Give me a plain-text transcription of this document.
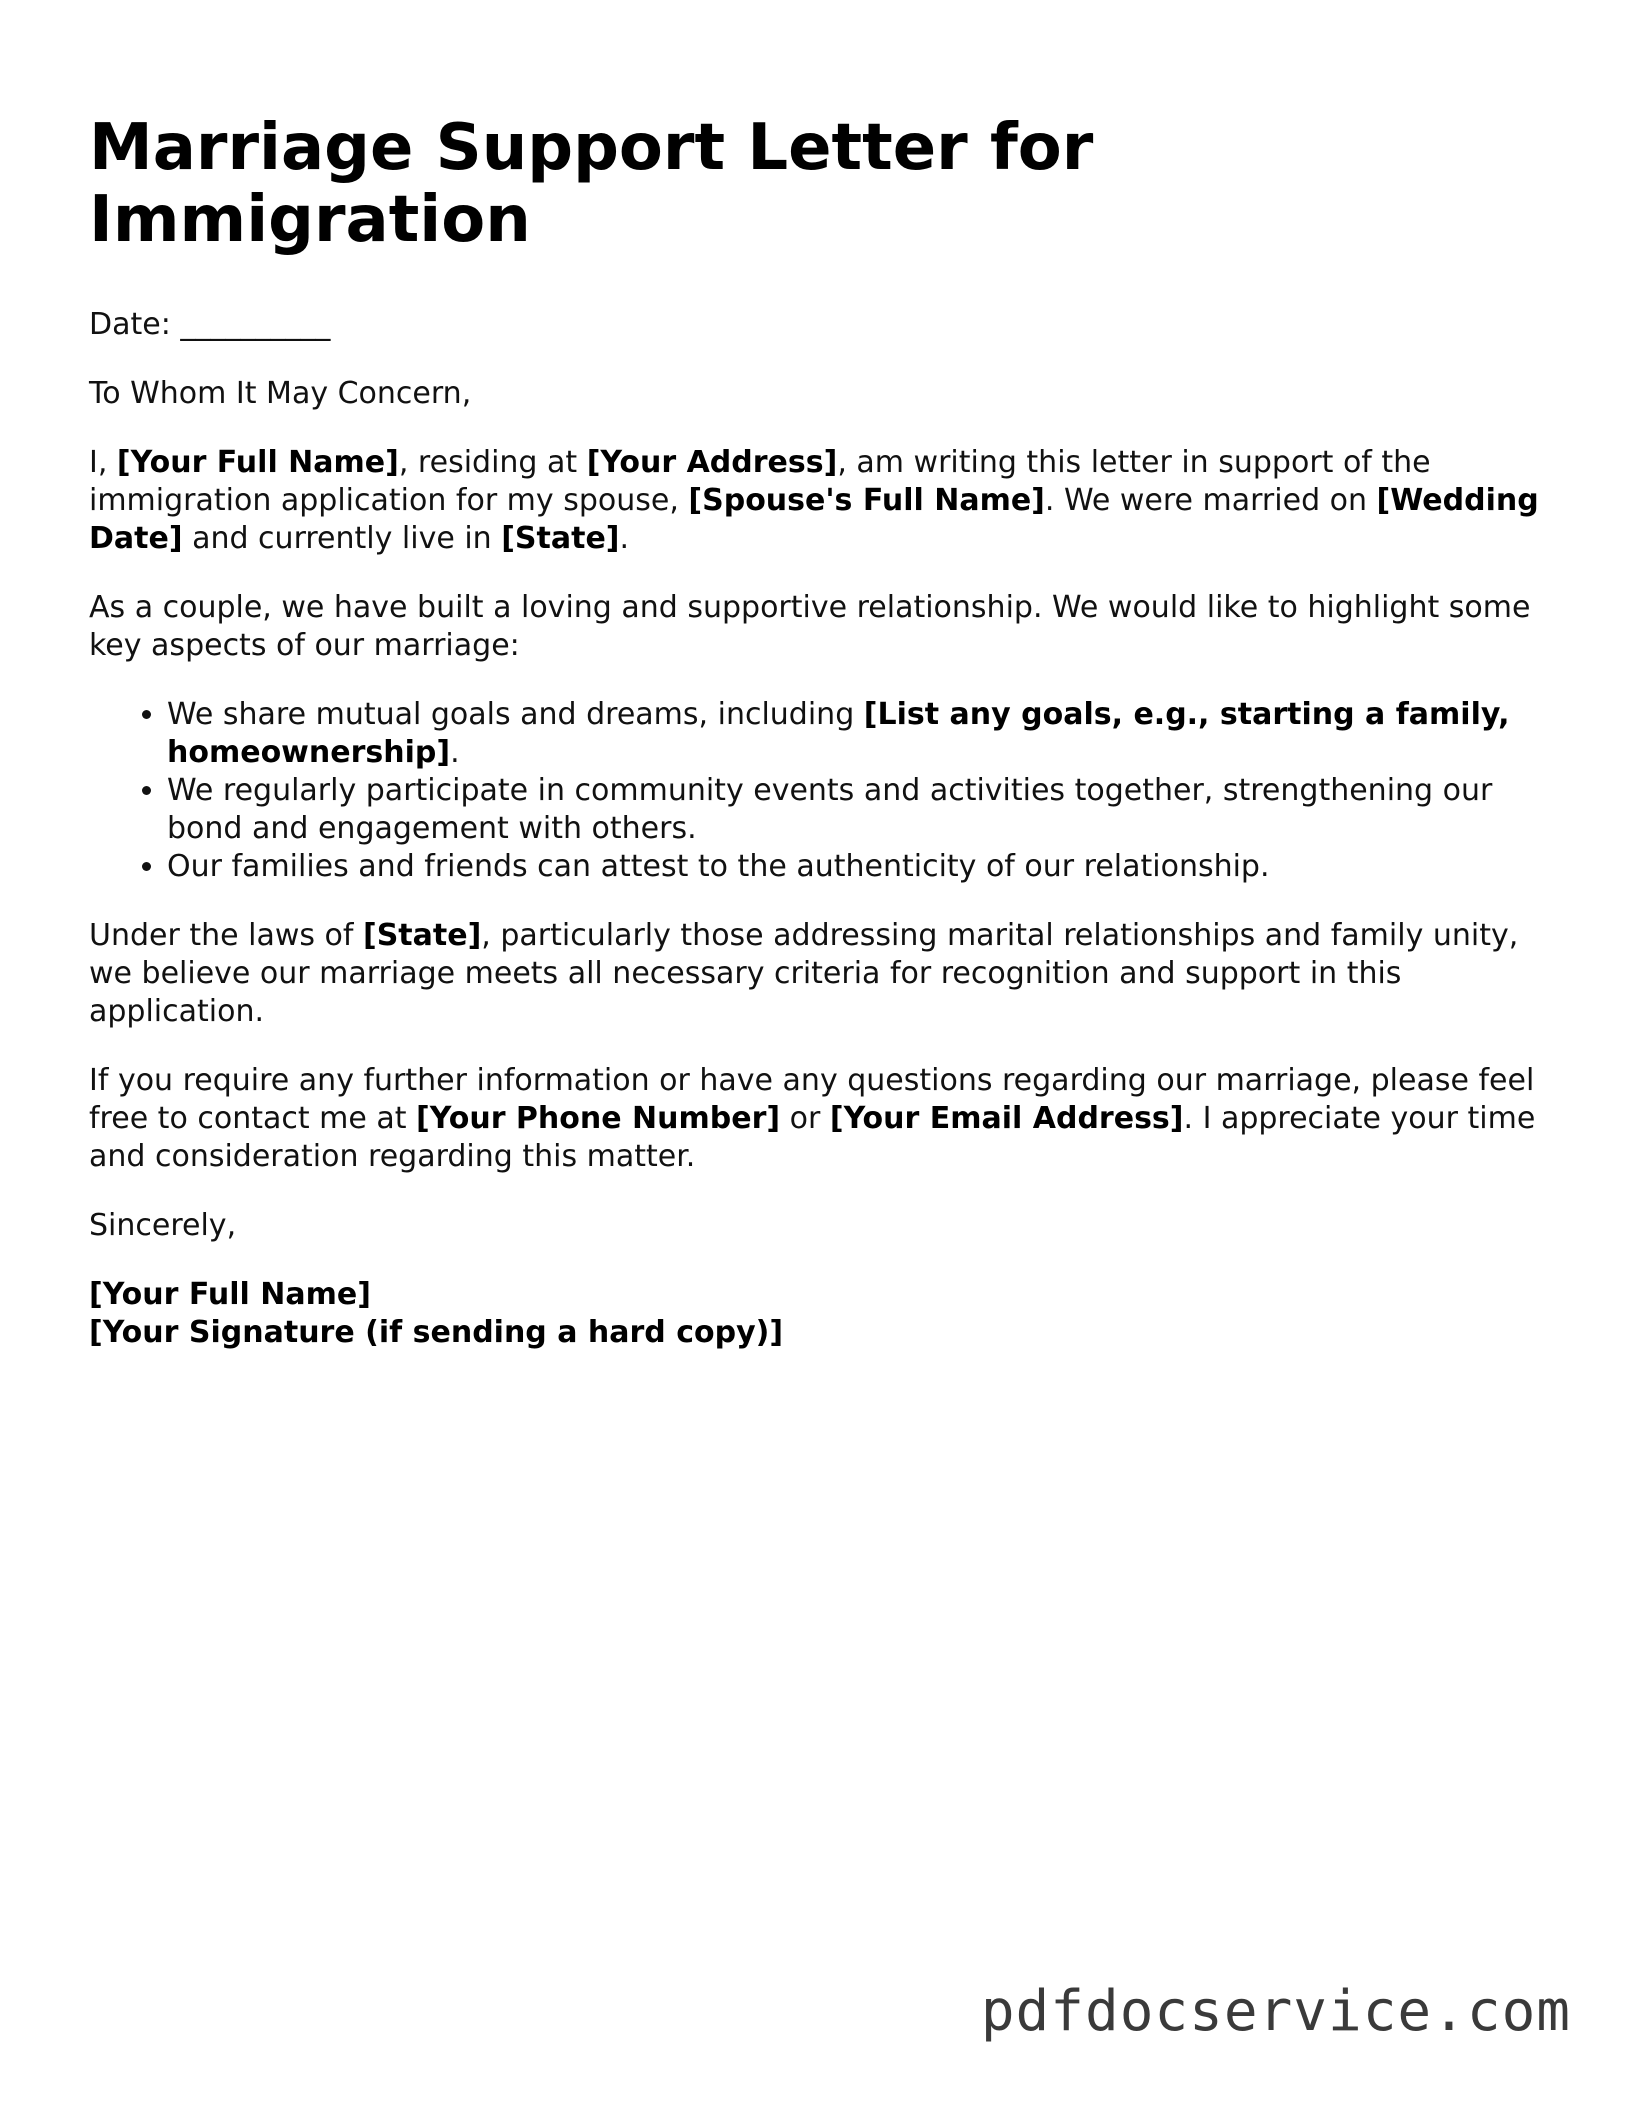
Marriage Support Letter for Immigration

Date: __________

To Whom It May Concern,

I, [Your Full Name], residing at [Your Address], am writing this letter in support of the immigration application for my spouse, [Spouse's Full Name]. We were married on [Wedding Date] and currently live in [State].

As a couple, we have built a loving and supportive relationship. We would like to highlight some key aspects of our marriage:

• We share mutual goals and dreams, including [List any goals, e.g., starting a family, homeownership].
• We regularly participate in community events and activities together, strengthening our bond and engagement with others.
• Our families and friends can attest to the authenticity of our relationship.

Under the laws of [State], particularly those addressing marital relationships and family unity, we believe our marriage meets all necessary criteria for recognition and support in this application.

If you require any further information or have any questions regarding our marriage, please feel free to contact me at [Your Phone Number] or [Your Email Address]. I appreciate your time and consideration regarding this matter.

Sincerely,

[Your Full Name]
[Your Signature (if sending a hard copy)]
pdfdocservice.com
